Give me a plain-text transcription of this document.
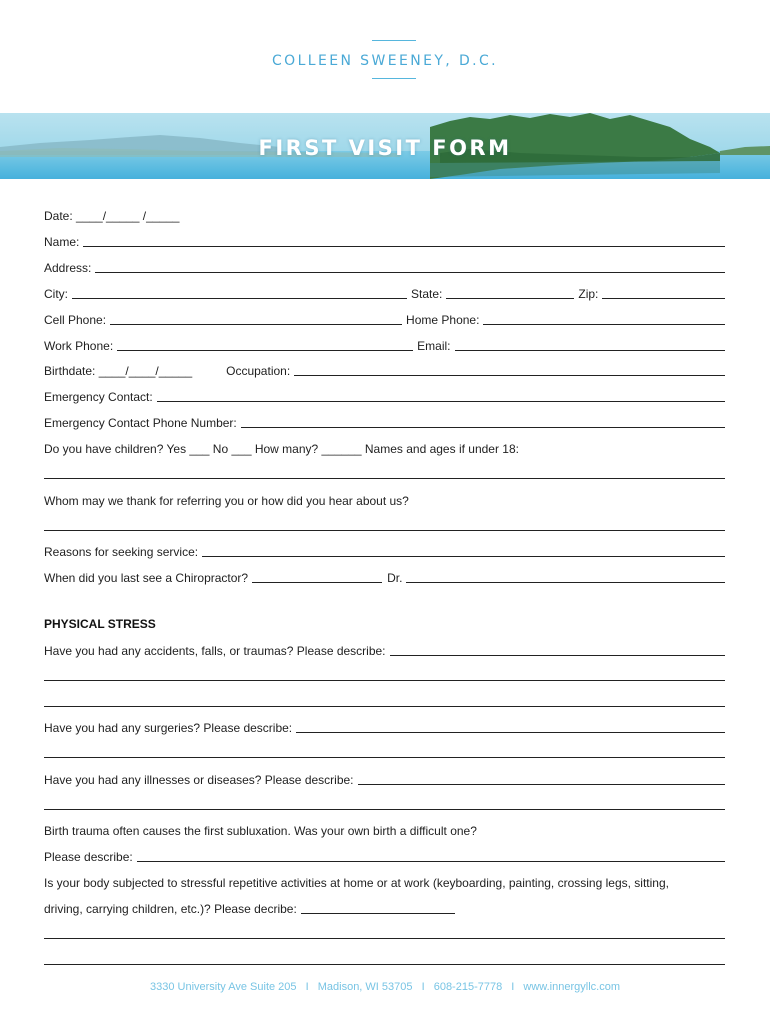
COLLEEN SWEENEY, D.C.
FIRST VISIT FORM
Date: ____/_____ /_____
Name:
Address:
City:	State:	Zip:
Cell Phone:	Home Phone:
Work Phone:	Email:
Birthdate: ____/____/_____	Occupation:
Emergency Contact:
Emergency Contact Phone Number:
Do you have children? Yes ___ No ___ How many? ______ Names and ages if under 18:
Whom may we thank for referring you or how did you hear about us?
Reasons for seeking service:
When did you last see a Chiropractor?	Dr.
PHYSICAL STRESS
Have you had any accidents, falls, or traumas? Please describe:
Have you had any surgeries? Please describe:
Have you had any illnesses or diseases? Please describe:
Birth trauma often causes the first subluxation. Was your own birth a difficult one?
Please describe:
Is your body subjected to stressful repetitive activities at home or at work (keyboarding, painting, crossing legs, sitting,
driving, carrying children, etc.)? Please decribe:
3330 University Ave Suite 205 I Madison, WI 53705 I 608-215-7778 I www.innergyllc.com
